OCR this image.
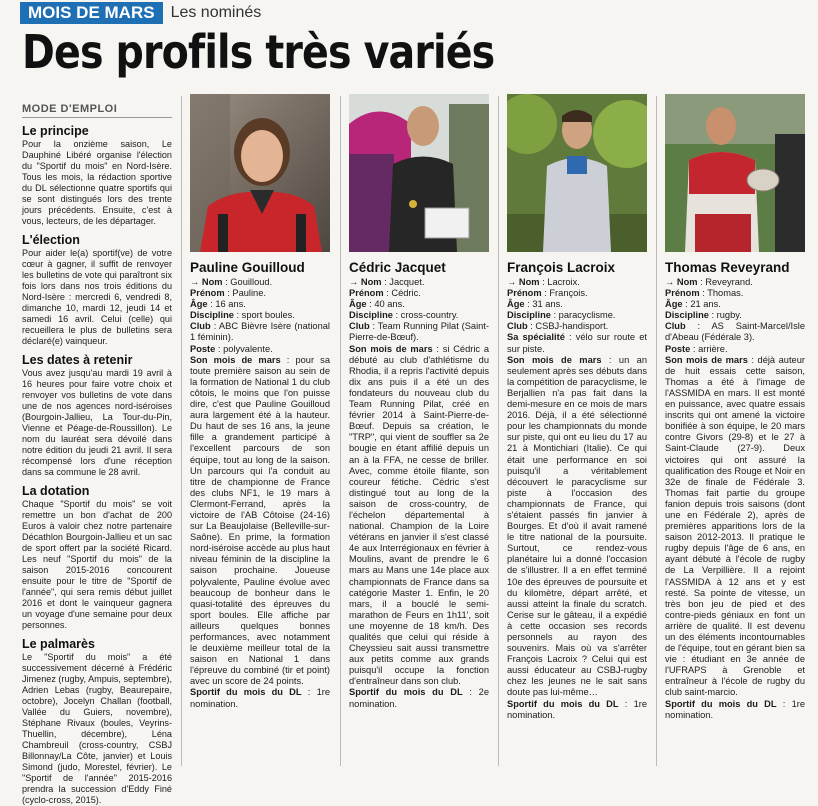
MOIS DE MARS	Les nominés
Des profils très variés
MODE D'EMPLOI
Le principe

Pour la onzième saison, Le Dauphiné Libéré organise l'élection du "Sportif du mois" en Nord-Isère. Tous les mois, la rédaction sportive du DL sélectionne quatre sportifs qui se sont distingués lors des trente jours précédents. Ensuite, c'est à vous, lecteurs, de les départager.

L'élection

Pour aider le(a) sportif(ve) de votre cœur à gagner, il suffit de renvoyer les bulletins de vote qui paraîtront six fois lors dans nos trois éditions du Nord-Isère : mercredi 6, vendredi 8, dimanche 10, mardi 12, jeudi 14 et samedi 16 avril. Celui (celle) qui recueillera le plus de bulletins sera déclaré(e) vainqueur.

Les dates à retenir

Vous avez jusqu'au mardi 19 avril à 16 heures pour faire votre choix et renvoyer vos bulletins de vote dans une de nos agences nord-iséroises (Bourgoin-Jallieu, La Tour-du-Pin, Vienne et Péage-de-Roussillon). Le nom du lauréat sera dévoilé dans notre édition du jeudi 21 avril. Il sera récompensé lors d'une réception dans sa commune le 28 avril.

La dotation

Chaque "Sportif du mois" se voit remettre un bon d'achat de 200 Euros à valoir chez notre partenaire Décathlon Bourgoin-Jallieu et un sac de sport offert par la société Ricard. Les neuf "Sportif du mois" de la saison 2015-2016 concourent ensuite pour le titre de "Sportif de l'année", qui sera remis début juillet 2016 et dont le vainqueur gagnera un voyage d'une semaine pour deux personnes.

Le palmarès

Le "Sportif du mois" a été successivement décerné à Frédéric Jimenez (rugby, Ampuis, septembre), Adrien Lebas (rugby, Beaurepaire, octobre), Jocelyn Challan (football, Vallée du Guiers, novembre), Stéphane Rivaux (boules, Veyrins-Thuellin, décembre), Léna Chambreuil (cross-country, CSBJ Billonnay/La Côte, janvier) et Louis Simond (judo, Morestel, février). Le "Sportif de l'année" 2015-2016 prendra la succession d'Eddy Finé (cyclo-cross, 2015).

Pauline Gouilloud

→ Nom : Gouilloud.

Prénom : Pauline.

Âge : 16 ans.

Discipline : sport boules.

Club : ABC Bièvre Isère (national 1 féminin).

Poste : polyvalente.

Son mois de mars : pour sa toute première saison au sein de la formation de National 1 du club côtois, le moins que l'on puisse dire, c'est que Pauline Gouilloud aura largement été à la hauteur. Du haut de ses 16 ans, la jeune fille a grandement participé à l'excellent parcours de son équipe, tout au long de la saison. Un parcours qui l'a conduit au titre de championne de France des clubs NF1, le 19 mars à Clermont-Ferrand, après la victoire de l'AB Côtoise (24-16) sur La Beaujolaise (Belleville-sur-Saône). En prime, la formation nord-iséroise accède au plus haut niveau féminin de la discipline la saison prochaine. Joueuse polyvalente, Pauline évolue avec beaucoup de bonheur dans le quasi-totalité des épreuves du sport boules. Elle affiche par ailleurs quelques bonnes performances, avec notamment le deuxième meilleur total de la saison en National 1 dans l'épreuve du combiné (tir et point) avec un score de 24 points.

Sportif du mois du DL : 1re nomination.

Cédric Jacquet

→ Nom : Jacquet.

Prénom : Cédric.

Âge : 40 ans.

Discipline : cross-country.

Club : Team Running Pilat (Saint-Pierre-de-Bœuf).

Son mois de mars : si Cédric a débuté au club d'athlétisme du Rhodia, il a repris l'activité depuis dix ans puis il a été un des fondateurs du nouveau club du Team Running Pilat, créé en février 2014 à Saint-Pierre-de-Bœuf. Depuis sa création, le "TRP", qui vient de souffler sa 2e bougie en étant affilié depuis un an à la FFA, ne cesse de briller. Avec, comme étoile filante, son coureur fétiche. Cédric s'est distingué tout au long de la saison de cross-country, de l'échelon départemental à national. Champion de la Loire vétérans en janvier il s'est classé 4e aux Interrégionaux en février à Moulins, avant de prendre le 6 mars au Mans une 14e place aux championnats de France dans sa catégorie Master 1. Enfin, le 20 mars, il a bouclé le semi-marathon de Feurs en 1h11', soit une moyenne de 18 km/h. Des qualités que celui qui réside à Cheyssieu sait aussi transmettre aux petits comme aux grands puisqu'il occupe la fonction d'entraîneur dans son club.

Sportif du mois du DL : 2e nomination.

François Lacroix

→ Nom : Lacroix.

Prénom : François.

Âge : 31 ans.

Discipline : paracyclisme.

Club : CSBJ-handisport.

Sa spécialité : vélo sur route et sur piste.

Son mois de mars : un an seulement après ses débuts dans la compétition de paracyclisme, le Berjallien n'a pas fait dans la demi-mesure en ce mois de mars 2016. Déjà, il a été sélectionné pour les championnats du monde sur piste, qui ont eu lieu du 17 au 21 à Montichiari (Italie). Ce qui était une performance en soi puisqu'il a véritablement découvert le paracyclisme sur piste à l'occasion des championnats de France, qui s'étaient passés fin janvier à Bourges. Et d'où il avait ramené le titre national de la poursuite. Surtout, ce rendez-vous planétaire lui a donné l'occasion de s'illustrer. Il a en effet terminé 10e des épreuves de poursuite et du kilomètre, départ arrêté, et aussi atteint la finale du scratch. Cerise sur le gâteau, il a expédié à cette occasion ses records personnels au rayon des souvenirs. Mais où va s'arrêter François Lacroix ? Celui qui est aussi éducateur au CSBJ-rugby chez les jeunes ne le sait sans doute pas lui-même…

Sportif du mois du DL : 1re nomination.

Thomas Reveyrand

→ Nom : Reveyrand.

Prénom : Thomas.

Âge : 21 ans.

Discipline : rugby.

Club : AS Saint-Marcel/Isle d'Abeau (Fédérale 3).

Poste : arrière.

Son mois de mars : déjà auteur de huit essais cette saison, Thomas a été à l'image de l'ASSMIDA en mars. Il est monté en puissance, avec quatre essais inscrits qui ont amené la victoire bonifiée à son équipe, le 20 mars contre Givors (29-8) et le 27 à Saint-Claude (27-9). Deux victoires qui ont assuré la qualification des Rouge et Noir en 32e de finale de Fédérale 3. Thomas fait partie du groupe fanion depuis trois saisons (dont une en Fédérale 2), après de premières apparitions lors de la saison 2012-2013. Il pratique le rugby depuis l'âge de 6 ans, en ayant débuté à l'école de rugby de La Verpillière. Il a rejoint l'ASSMIDA à 12 ans et y est resté. Sa pointe de vitesse, un très bon jeu de pied et des contre-pieds géniaux en font un arrière de qualité. Il est devenu un des éléments incontournables de l'équipe, tout en gérant bien sa vie : étudiant en 3e année de l'UFRAPS à Grenoble et entraîneur à l'école de rugby du club saint-marcio.

Sportif du mois du DL : 1re nomination.
